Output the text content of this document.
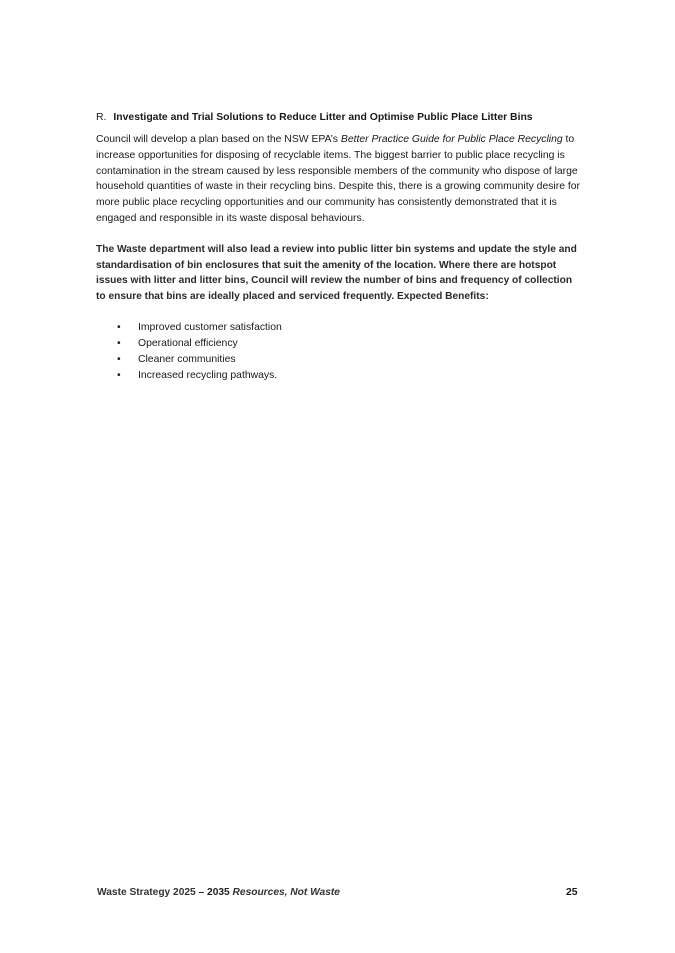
R. Investigate and Trial Solutions to Reduce Litter and Optimise Public Place Litter Bins

Council will develop a plan based on the NSW EPA’s Better Practice Guide for Public Place Recycling to increase opportunities for disposing of recyclable items. The biggest barrier to public place recycling is contamination in the stream caused by less responsible members of the community who dispose of large household quantities of waste in their recycling bins. Despite this, there is a growing community desire for more public place recycling opportunities and our community has consistently demonstrated that it is engaged and responsible in its waste disposal behaviours.

The Waste department will also lead a review into public litter bin systems and update the style and standardisation of bin enclosures that suit the amenity of the location. Where there are hotspot issues with litter and litter bins, Council will review the number of bins and frequency of collection to ensure that bins are ideally placed and serviced frequently. Expected Benefits:

• Improved customer satisfaction
• Operational efficiency
• Cleaner communities
• Increased recycling pathways.
Waste Strategy 2025 – 2035 Resources, Not Waste	25
